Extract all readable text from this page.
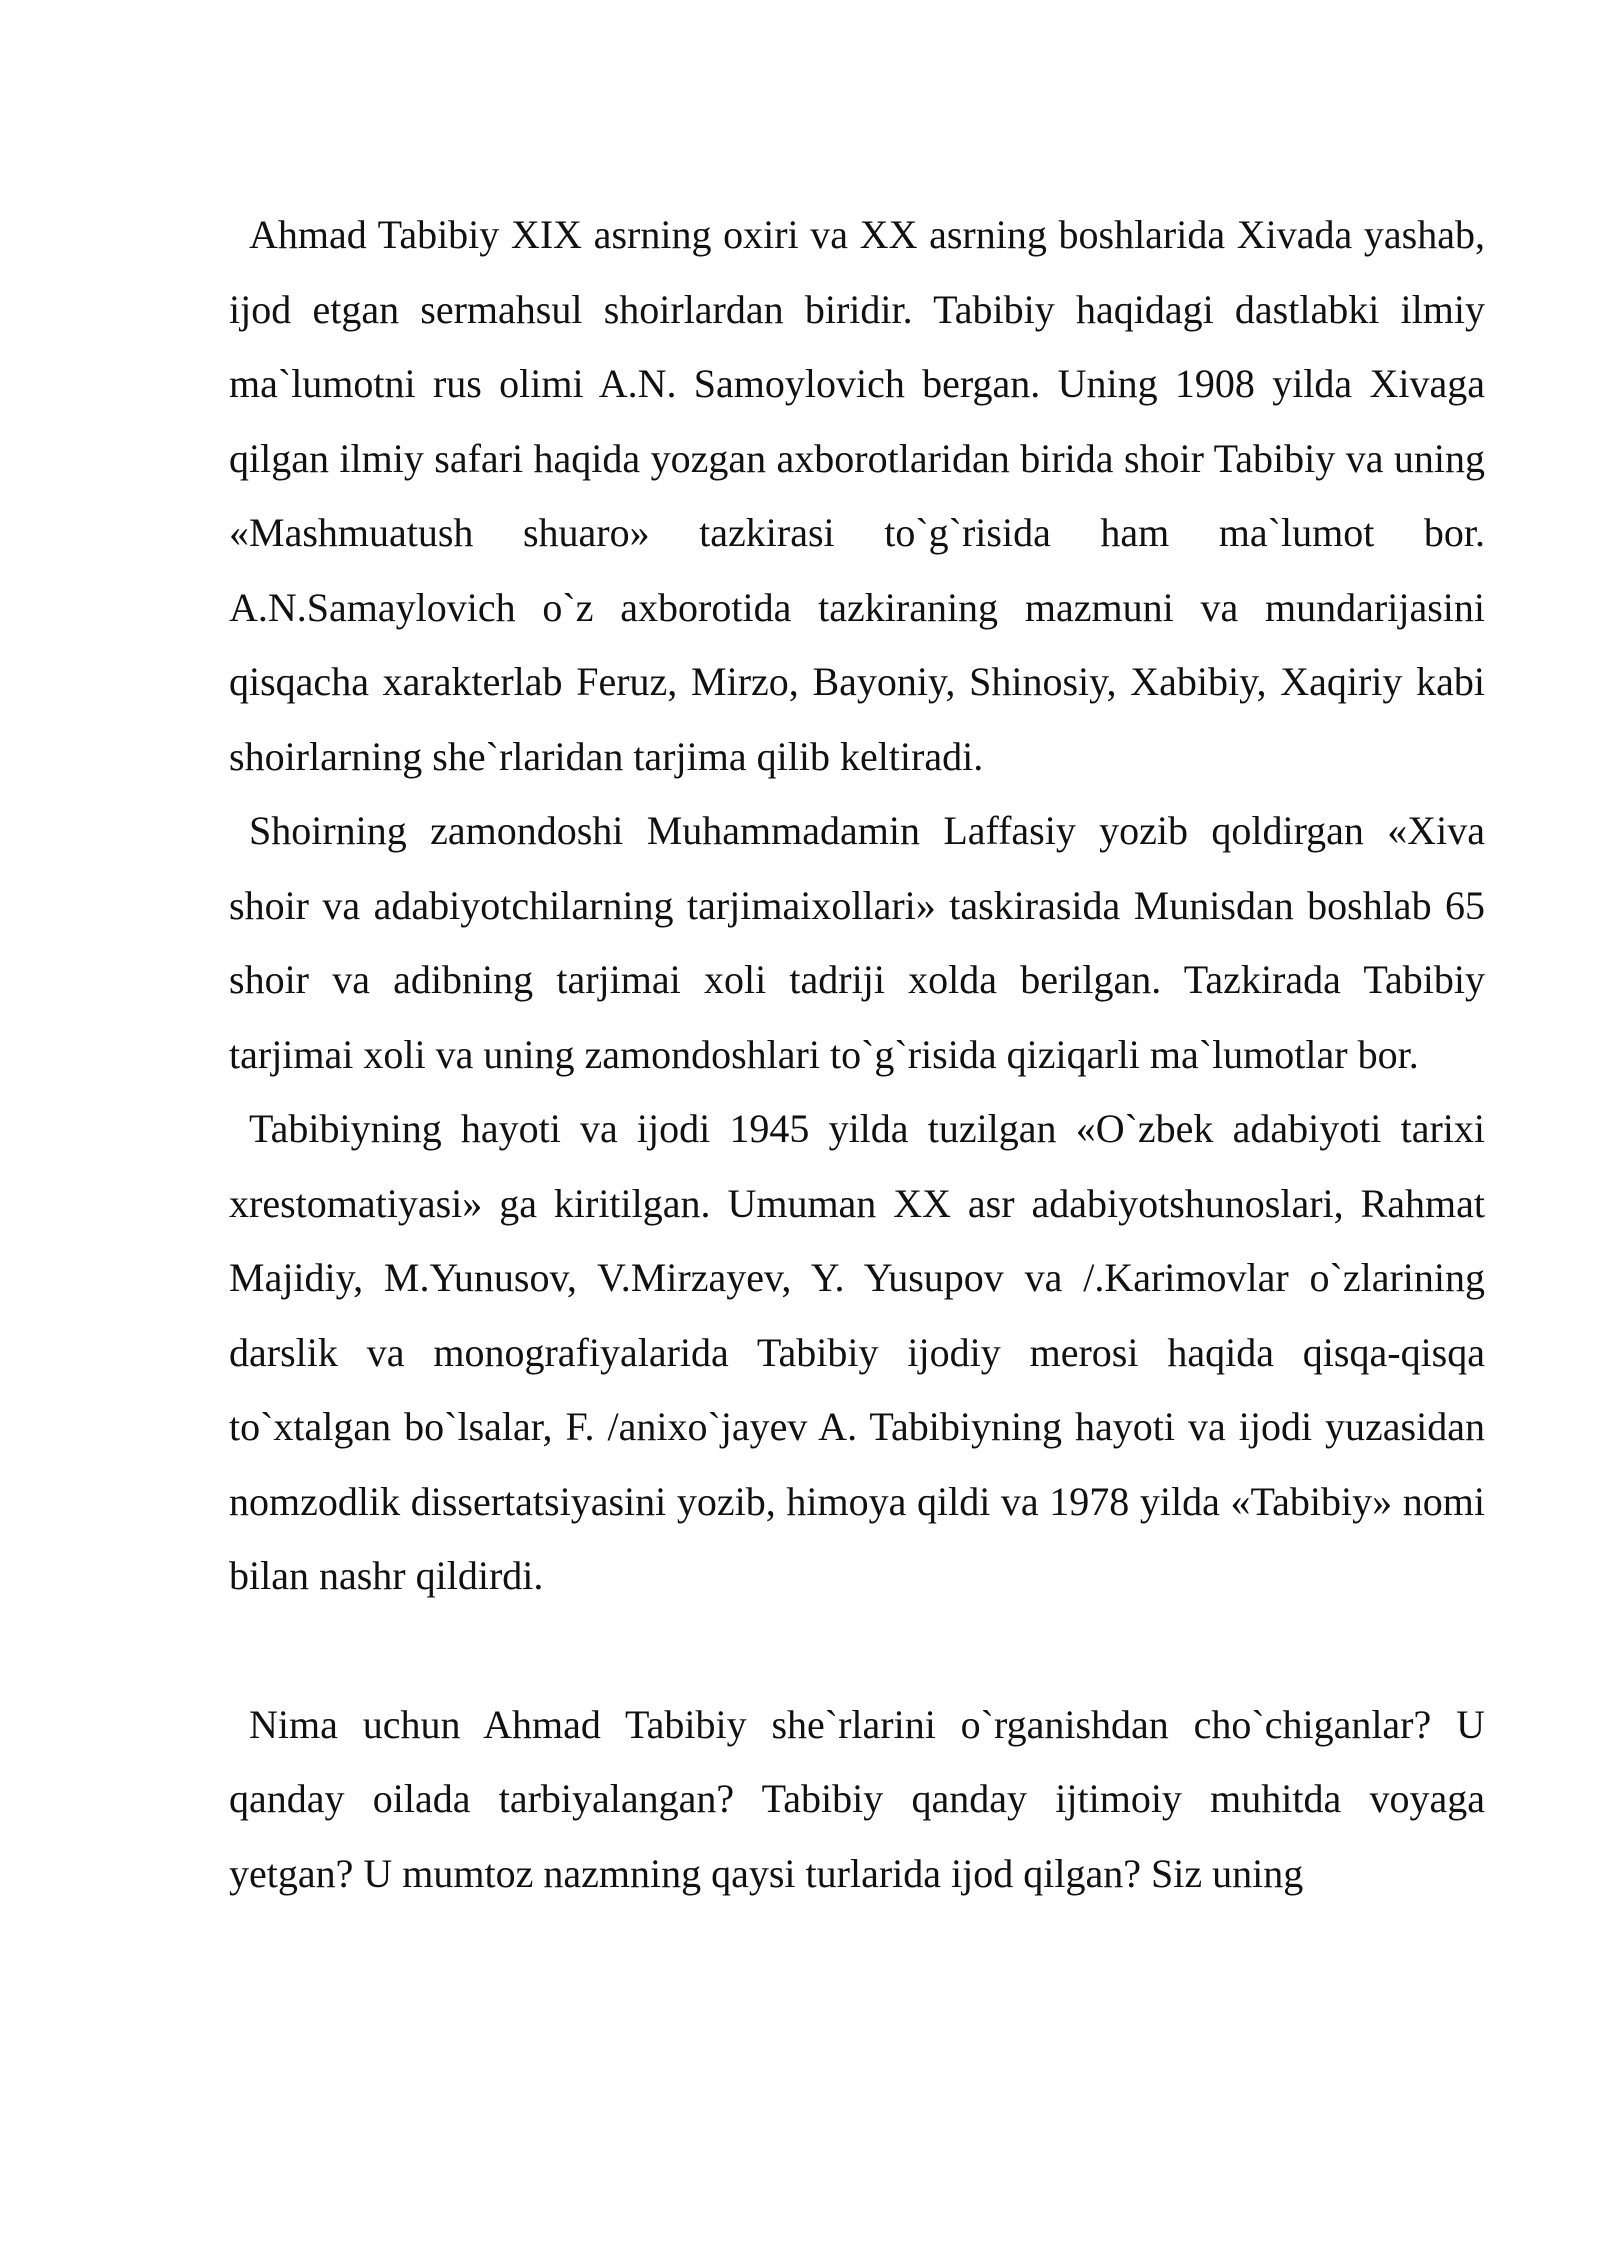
Ahmad Tabibiy XIX asrning oxiri va XX asrning boshlarida Xivada yashab, ijod etgan sermahsul shoirlardan biridir. Tabibiy haqidagi dastlabki ilmiy ma`lumotni rus olimi A.N. Samoylovich bergan. Uning 1908 yilda Xivaga qilgan ilmiy safari haqida yozgan axborotlaridan birida shoir Tabibiy va uning «Mashmuatush shuaro» tazkirasi to`g`risida ham ma`lumot bor. A.N.Samaylovich o`z axborotida tazkiraning mazmuni va mundarijasini qisqacha xarakterlab Feruz, Mirzo, Bayoniy, Shinosiy, Xabibiy, Xaqiriy kabi shoirlarning she`rlaridan tarjima qilib keltiradi.

Shoirning zamondoshi Muhammadamin Laffasiy yozib qoldirgan «Xiva shoir va adabiyotchilarning tarjimaixollari» taskirasida Munisdan boshlab 65 shoir va adibning tarjimai xoli tadriji xolda berilgan. Tazkirada Tabibiy tarjimai xoli va uning zamondoshlari to`g`risida qiziqarli ma`lumotlar bor.

Tabibiyning hayoti va ijodi 1945 yilda tuzilgan «O`zbek adabiyoti tarixi xrestomatiyasi» ga kiritilgan. Umuman XX asr adabiyotshunoslari, Rahmat Majidiy, M.Yunusov, V.Mirzayev, Y. Yusupov va /.Karimovlar o`zlarining darslik va monografiyalarida Tabibiy ijodiy merosi haqida qisqa-qisqa to`xtalgan bo`lsalar, F. /anixo`jayev A. Tabibiyning hayoti va ijodi yuzasidan nomzodlik dissertatsiyasini yozib, himoya qildi va 1978 yilda «Tabibiy» nomi bilan nashr qildirdi.

Nima uchun Ahmad Tabibiy she`rlarini o`rganishdan cho`chiganlar? U qanday oilada tarbiyalangan? Tabibiy qanday ijtimoiy muhitda voyaga yetgan? U mumtoz nazmning qaysi turlarida ijod qilgan? Siz uning
